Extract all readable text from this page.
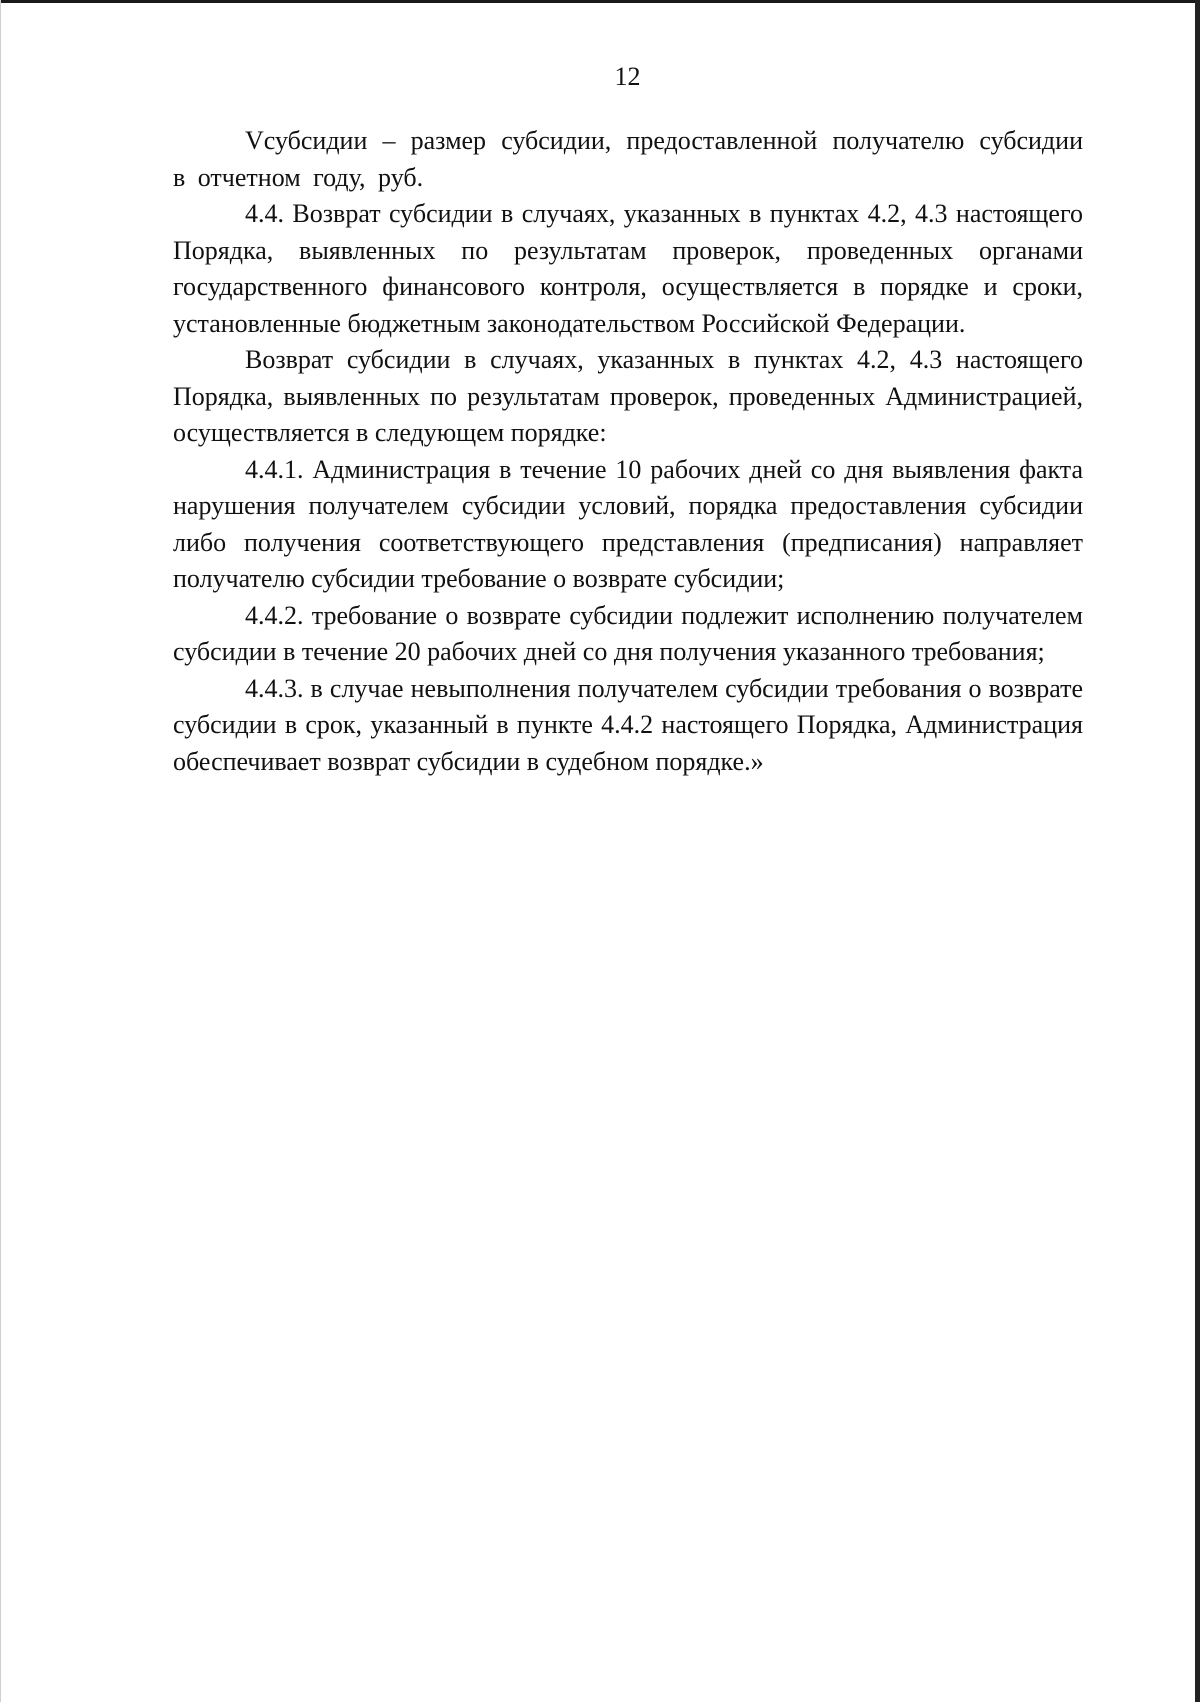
12

Vсубсидии – размер субсидии, предоставленной получателю субсидии в отчетном году, руб.

4.4. Возврат субсидии в случаях, указанных в пунктах 4.2, 4.3 настоящего Порядка, выявленных по результатам проверок, проведенных органами государственного финансового контроля, осуществляется в порядке и сроки, установленные бюджетным законодательством Российской Федерации.

Возврат субсидии в случаях, указанных в пунктах 4.2, 4.3 настоящего Порядка, выявленных по результатам проверок, проведенных Администрацией, осуществляется в следующем порядке:

4.4.1. Администрация в течение 10 рабочих дней со дня выявления факта нарушения получателем субсидии условий, порядка предоставления субсидии либо получения соответствующего представления (предписания) направляет получателю субсидии требование о возврате субсидии;

4.4.2. требование о возврате субсидии подлежит исполнению получателем субсидии в течение 20 рабочих дней со дня получения указанного требования;

4.4.3. в случае невыполнения получателем субсидии требования о возврате субсидии в срок, указанный в пункте 4.4.2 настоящего Порядка, Администрация обеспечивает возврат субсидии в судебном порядке.»
